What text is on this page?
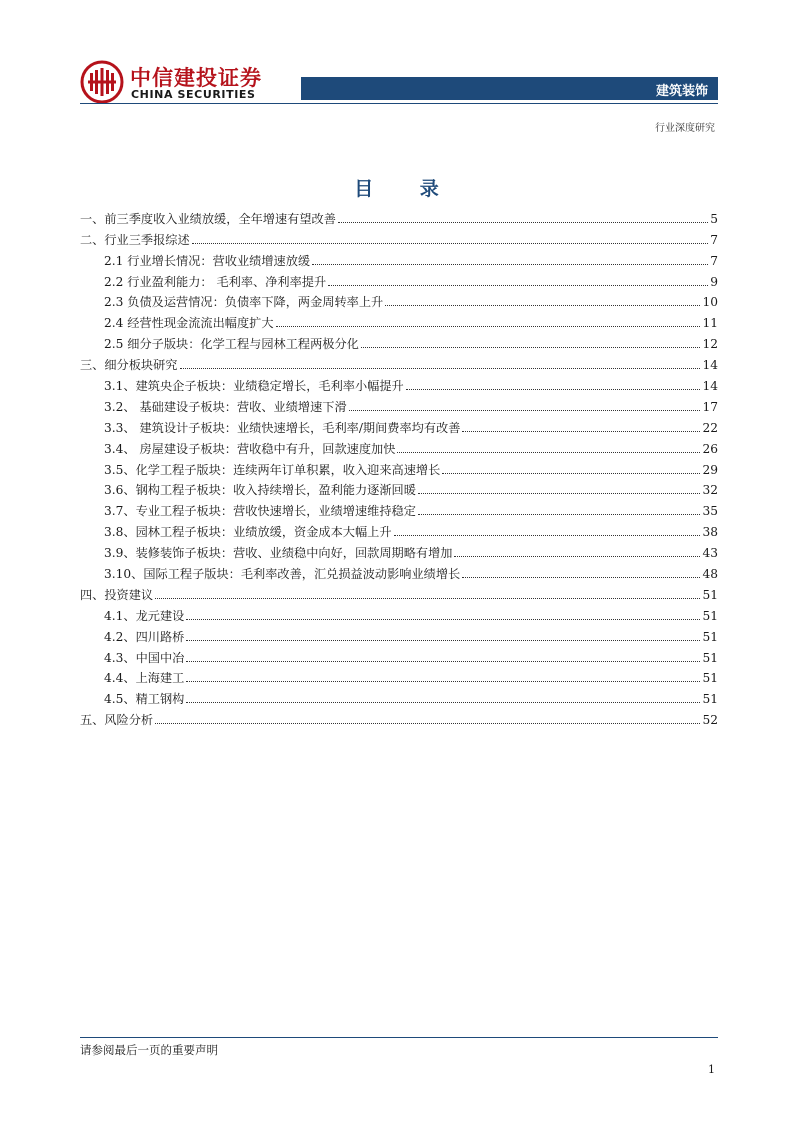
中信建投证券
CHINA SECURITIES	建筑装饰
行业深度研究
目 录
一、前三季度收入业绩放缓，全年增速有望改善	5
二、行业三季报综述	7
2.1 行业增长情况：营收业绩增速放缓	7
2.2 行业盈利能力： 毛利率、净利率提升	9
2.3 负债及运营情况：负债率下降，两金周转率上升	10
2.4 经营性现金流流出幅度扩大	11
2.5 细分子版块：化学工程与园林工程两极分化	12
三、细分板块研究	14
3.1、建筑央企子板块：业绩稳定增长，毛利率小幅提升	14
3.2、 基础建设子板块：营收、业绩增速下滑	17
3.3、 建筑设计子板块：业绩快速增长，毛利率/期间费率均有改善	22
3.4、 房屋建设子板块：营收稳中有升，回款速度加快	26
3.5、化学工程子版块：连续两年订单积累，收入迎来高速增长	29
3.6、钢构工程子板块：收入持续增长，盈利能力逐渐回暖	32
3.7、专业工程子板块：营收快速增长，业绩增速维持稳定	35
3.8、园林工程子板块：业绩放缓，资金成本大幅上升	38
3.9、装修装饰子板块：营收、业绩稳中向好，回款周期略有增加	43
3.10、国际工程子版块：毛利率改善，汇兑损益波动影响业绩增长	48
四、投资建议	51
4.1、龙元建设	51
4.2、四川路桥	51
4.3、中国中冶	51
4.4、上海建工	51
4.5、精工钢构	51
五、风险分析	52
请参阅最后一页的重要声明
1
